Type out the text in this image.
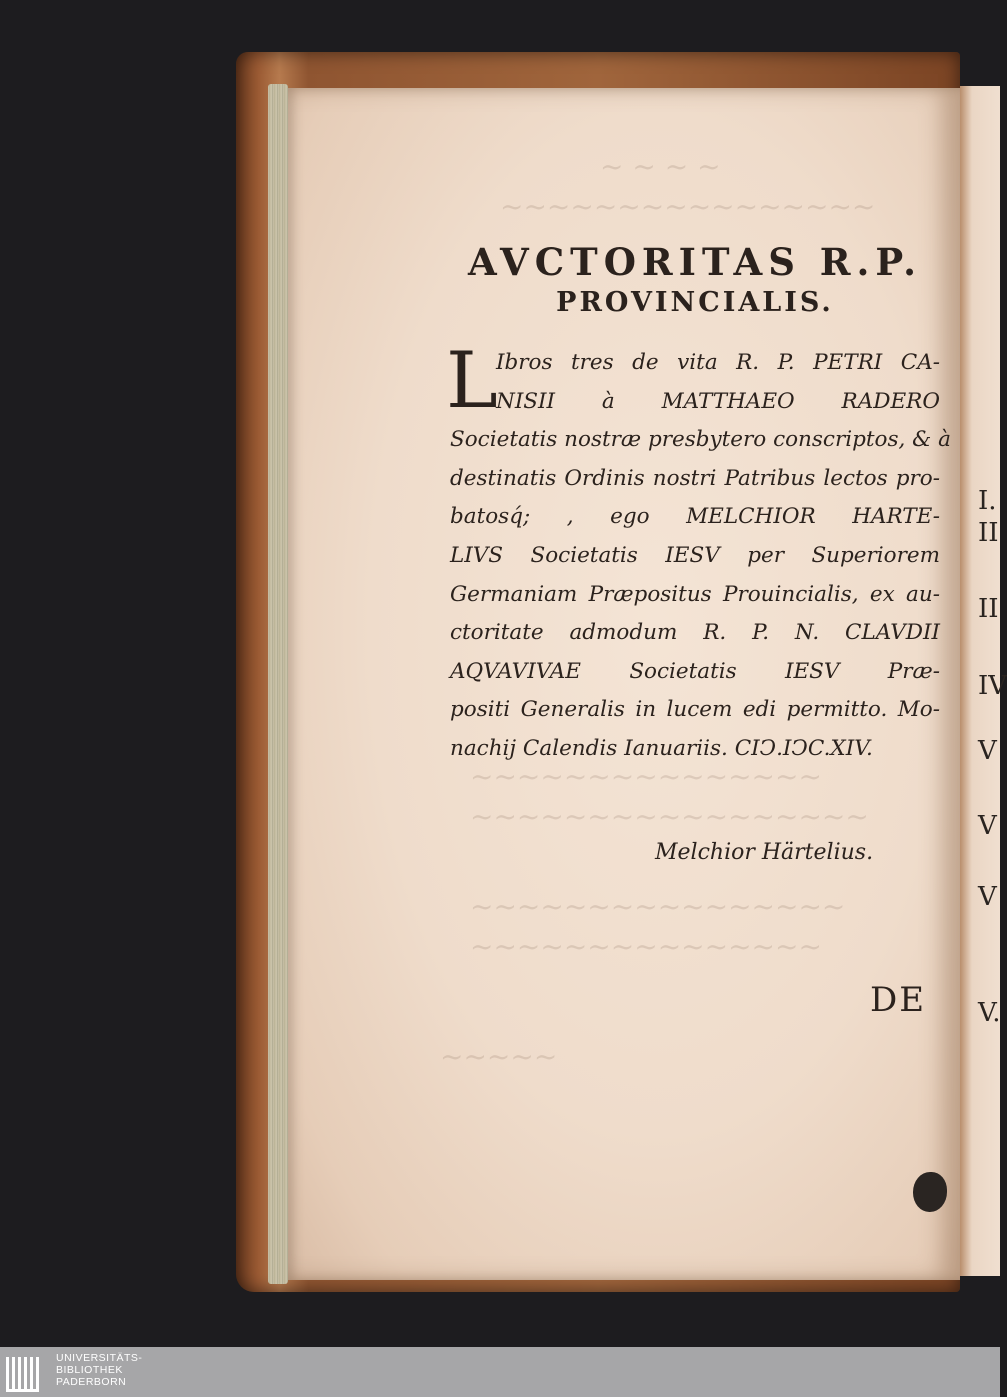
I.
II
II
IV
V
V
V
V.
~ ~ ~ ~
~~~~~~~~~~~~~~~~
~~~~~~~~~~~~~~~
~~~~~~~~~~~~~~~~~
~~~~~~~~~~~~~~~~
~~~~~~~~~~~~~~~
~~~~~
AVCTORITAS R.P.
PROVINCIALIS.
L
Ibros tres de vita R. P. PETRI CA-
NISII à MATTHAEO RADERO
Societatis nostræ presbytero conscriptos, & à
destinatis Ordinis nostri Patribus lectos pro-
batosq́; , ego MELCHIOR HARTE-
LIVS Societatis IESV per Superiorem
Germaniam Præpositus Prouincialis, ex au-
ctoritate admodum R. P. N. CLAVDII
AQVAVIVAE Societatis IESV Præ-
positi Generalis in lucem edi permitto. Mo-
nachij Calendis Ianuariis. CIↃ.IↃC.XIV.
Melchior Härtelius.
DE
UNIVERSITÄTS-
BIBLIOTHEK
PADERBORN
